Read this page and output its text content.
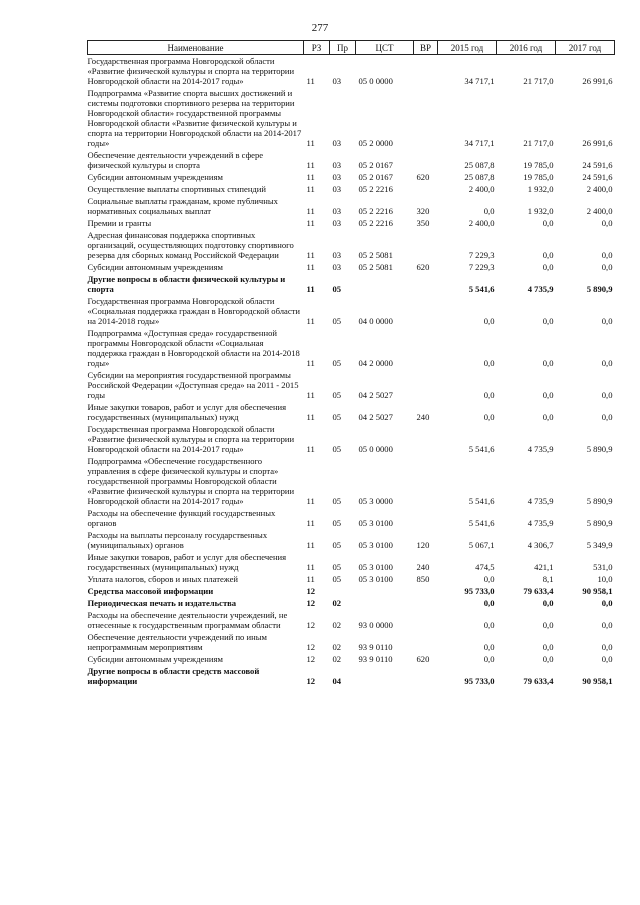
277
Наименование	РЗ	Пр	ЦСТ	ВР	2015 год	2016 год	2017 год
Государственная программа Новгородской области «Развитие физической культуры и спорта на территории Новгородской области на 2014-2017 годы»	11	03	05 0 0000		34 717,1	21 717,0	26 991,6
Подпрограмма «Развитие спорта высших достижений и системы подготовки спортивного резерва на территории Новгородской области» государственной программы Новгородской области «Развитие физической культуры и спорта на территории Новгородской области на 2014-2017 годы»	11	03	05 2 0000		34 717,1	21 717,0	26 991,6
Обеспечение деятельности учреждений в сфере физической культуры и спорта	11	03	05 2 0167		25 087,8	19 785,0	24 591,6
Субсидии автономным учреждениям	11	03	05 2 0167	620	25 087,8	19 785,0	24 591,6
Осуществление выплаты спортивных стипендий	11	03	05 2 2216		2 400,0	1 932,0	2 400,0
Социальные выплаты гражданам, кроме публичных нормативных социальных выплат	11	03	05 2 2216	320	0,0	1 932,0	2 400,0
Премии и гранты	11	03	05 2 2216	350	2 400,0	0,0	0,0
Адресная финансовая поддержка спортивных организаций, осуществляющих подготовку спортивного резерва для сборных команд Российской Федерации	11	03	05 2 5081		7 229,3	0,0	0,0
Субсидии автономным учреждениям	11	03	05 2 5081	620	7 229,3	0,0	0,0
Другие вопросы в области физической культуры и спорта	11	05			5 541,6	4 735,9	5 890,9
Государственная программа Новгородской области «Социальная поддержка граждан в Новгородской области на 2014-2018 годы»	11	05	04 0 0000		0,0	0,0	0,0
Подпрограмма «Доступная среда» государственной программы Новгородской области «Социальная поддержка граждан в Новгородской области на 2014-2018 годы»	11	05	04 2 0000		0,0	0,0	0,0
Субсидии на мероприятия государственной программы Российской Федерации «Доступная среда» на 2011 - 2015 годы	11	05	04 2 5027		0,0	0,0	0,0
Иные закупки товаров, работ и услуг для обеспечения государственных (муниципальных) нужд	11	05	04 2 5027	240	0,0	0,0	0,0
Государственная программа Новгородской области «Развитие физической культуры и спорта на территории Новгородской области на 2014-2017 годы»	11	05	05 0 0000		5 541,6	4 735,9	5 890,9
Подпрограмма «Обеспечение государственного управления в сфере физической культуры и спорта» государственной программы Новгородской области «Развитие физической культуры и спорта на территории Новгородской области на 2014-2017 годы»	11	05	05 3 0000		5 541,6	4 735,9	5 890,9
Расходы на обеспечение функций государственных органов	11	05	05 3 0100		5 541,6	4 735,9	5 890,9
Расходы на выплаты персоналу государственных (муниципальных) органов	11	05	05 3 0100	120	5 067,1	4 306,7	5 349,9
Иные закупки товаров, работ и услуг для обеспечения государственных (муниципальных) нужд	11	05	05 3 0100	240	474,5	421,1	531,0
Уплата налогов, сборов и иных платежей	11	05	05 3 0100	850	0,0	8,1	10,0
Средства массовой информации	12				95 733,0	79 633,4	90 958,1
Периодическая печать и издательства	12	02			0,0	0,0	0,0
Расходы на обеспечение деятельности учреждений, не отнесенные к государственным программам области	12	02	93 0 0000		0,0	0,0	0,0
Обеспечение деятельности учреждений по иным непрограммным мероприятиям	12	02	93 9 0110		0,0	0,0	0,0
Субсидии автономным учреждениям	12	02	93 9 0110	620	0,0	0,0	0,0
Другие вопросы в области средств массовой информации	12	04			95 733,0	79 633,4	90 958,1
